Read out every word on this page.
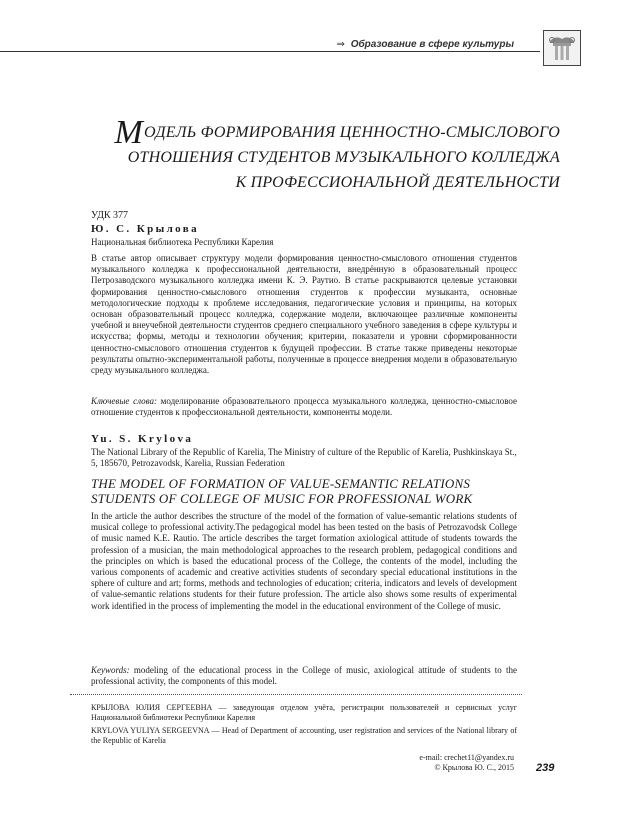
⇒ Образование в сфере культуры
МОДЕЛЬ ФОРМИРОВАНИЯ ЦЕННОСТНО-СМЫСЛОВОГО
ОТНОШЕНИЯ СТУДЕНТОВ МУЗЫКАЛЬНОГО КОЛЛЕДЖА
К ПРОФЕССИОНАЛЬНОЙ ДЕЯТЕЛЬНОСТИ
УДК 377
Ю. С. Крылова
Национальная библиотека Республики Карелия
В статье автор описывает структуру модели формирования ценностно-смыслового отношения студентов музыкального колледжа к профессиональной деятельности, внедрённую в образовательный процесс Петрозаводского музыкального колледжа имени К. Э. Раутио. В статье раскрываются целевые установки формирования ценностно-смыслового отношения студентов к профессии музыканта, основные методологические подходы к проблеме исследования, педагогические условия и принципы, на которых основан образовательный процесс колледжа, содержание модели, включающее различные компоненты учебной и внеучебной деятельности студентов среднего специального учебного заведения в сфере культуры и искусства; формы, методы и технологии обучения; критерии, показатели и уровни сформированности ценностно-смыслового отношения студентов к будущей профессии. В статье также приведены некоторые результаты опытно-экспериментальной работы, полученные в процессе внедрения модели в образовательную среду музыкального колледжа.
Ключевые слова: моделирование образовательного процесса музыкального колледжа, ценностно-смысловое отношение студентов к профессиональной деятельности, компоненты модели.
Yu. S. Krylova
The National Library of the Republic of Karelia, The Ministry of culture of the Republic of Karelia, Pushkinskaya St., 5, 185670, Petrozavodsk, Karelia, Russian Federation
THE MODEL OF FORMATION OF VALUE-SEMANTIC RELATIONS
STUDENTS OF COLLEGE OF MUSIC FOR PROFESSIONAL WORK
In the article the author describes the structure of the model of the formation of value-semantic relations students of musical college to professional activity.The pedagogical model has been tested on the basis of Petrozavodsk College of music named K.E. Rautio. The article describes the target formation axiological attitude of students towards the profession of a musician, the main methodological approaches to the research problem, pedagogical conditions and the principles on which is based the educational process of the College, the contents of the model, including the various components of academic and creative activities students of secondary special educational institutions in the sphere of culture and art; forms, methods and technologies of education; criteria, indicators and levels of development of value-semantic relations students for their future profession. The article also shows some results of experimental work identified in the process of implementing the model in the educational environment of the College of music.
Keywords: modeling of the educational process in the College of music, axiological attitude of students to the professional activity, the components of this model.
КРЫЛОВА ЮЛИЯ СЕРГЕЕВНА — заведующая отделом учёта, регистрации пользователей и сервисных услуг Национальной библиотеки Республики Карелия
KRYLOVA YULIYA SERGEEVNA — Head of Department of accounting, user registration and services of the National library of the Republic of Karelia
e-mail: crechet11@yandex.ru
© Крылова Ю. С., 2015 239
